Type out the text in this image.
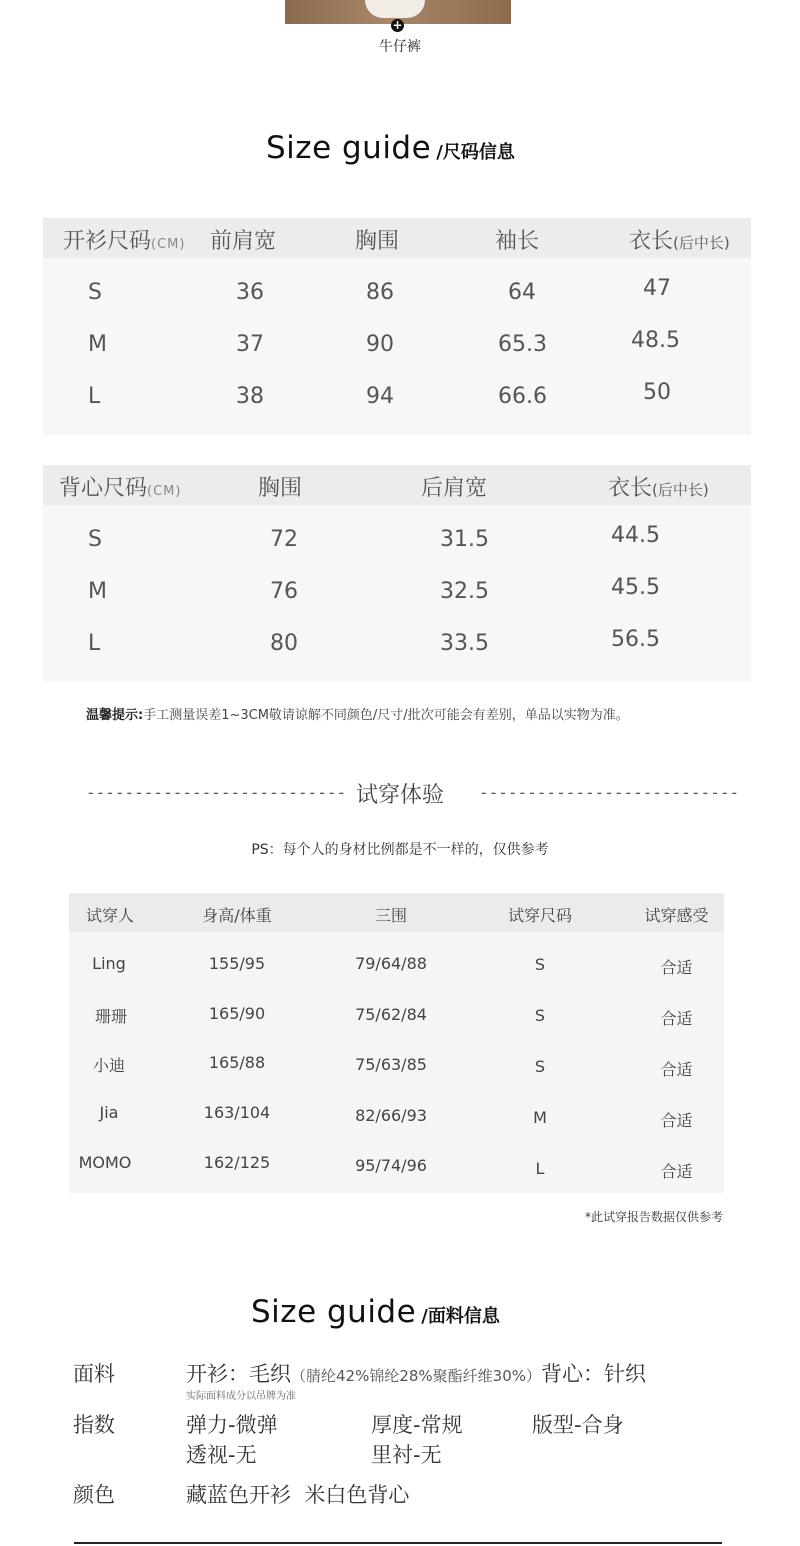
+
牛仔裤
Size guide /尺码信息
开衫尺码(CM) 前肩宽	胸围	袖长	衣长(后中长)
S	36	86	64	47
M	37	90	65.3	48.5
L	38	94	66.6	50
背心尺码(CM)	胸围	后肩宽	衣长(后中长)
S	72	31.5	44.5
M	76	32.5	45.5
L	80	33.5	56.5
温馨提示:手工测量误差1~3CM敬请谅解不同颜色/尺寸/批次可能会有差别，单品以实物为准。
--------------------------- 试穿体验	---------------------------
PS：每个人的身材比例都是不一样的，仅供参考
试穿人	身高/体重	三围	试穿尺码	试穿感受
Ling	155/95	79/64/88	S	合适
珊珊	165/90	75/62/84	S	合适
小迪	165/88	75/63/85	S	合适
Jia	163/104	82/66/93	M	合适
MOMO	162/125	95/74/96	L	合适
*此试穿报告数据仅供参考
Size guide /面料信息
面料	开衫：毛织（腈纶42%锦纶28%聚酯纤维30%）背心：针织
实际面料成分以吊牌为准
指数	弹力-微弹	厚度-常规	版型-合身
透视-无	里衬-无
颜色	藏蓝色开衫  米白色背心
